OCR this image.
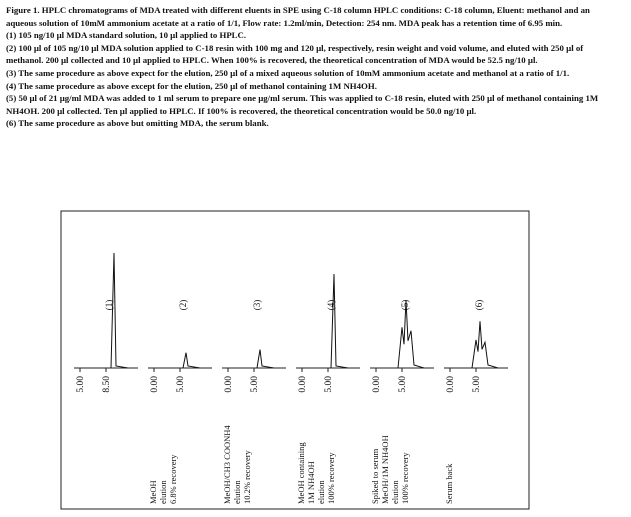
Figure 1. HPLC chromatograms of MDA treated with different eluents in SPE using C-18 column HPLC conditions: C-18 column, Eluent: methanol and an aqueous solution of 10mM ammonium acetate at a ratio of 1/1, Flow rate: 1.2ml/min, Detection: 254 nm. MDA peak has a retention time of 6.95 min.

(1) 105 ng/10 µl MDA standard solution, 10 µl applied to HPLC.

(2) 100 µl of 105 ng/10 µl MDA solution applied to C-18 resin with 100 mg and 120 µl, respectively, resin weight and void volume, and eluted with 250 µl of methanol. 200 µl collected and 10 µl applied to HPLC. When 100% is recovered, the theoretical concentration of MDA would be 52.5 ng/10 µl.

(3) The same procedure as above expect for the elution, 250 µl of a mixed aqueous solution of 10mM ammonium acetate and methanol at a ratio of 1/1.

(4) The same procedure as above except for the elution, 250 µl of methanol containing 1M NH4OH.

(5) 50 µl of 21 µg/ml MDA was added to 1 ml serum to prepare one µg/ml serum. This was applied to C-18 resin, eluted with 250 µl of methanol containing 1M NH4OH. 200 µl collected. Ten µl applied to HPLC. If 100% is recovered, the theoretical concentration would be 50.0 ng/10 µl.

(6) The same procedure as above but omitting MDA, the serum blank.

(1)
5.00 8.50
(2)
0.00 5.00
MeOH elution 6.8% recovery
(3)
0.00 5.00
MeOH/CH3 COONH4 elution 10.2% recovery
(4)
0.00 5.00
MeOH containing 1M NH4OH elution 100% recovery
(5)
0.00 5.00
Spiked to serum MeOH/1M NH4OH elution 100% recovery
(6)
0.00 5.00
Serum back
